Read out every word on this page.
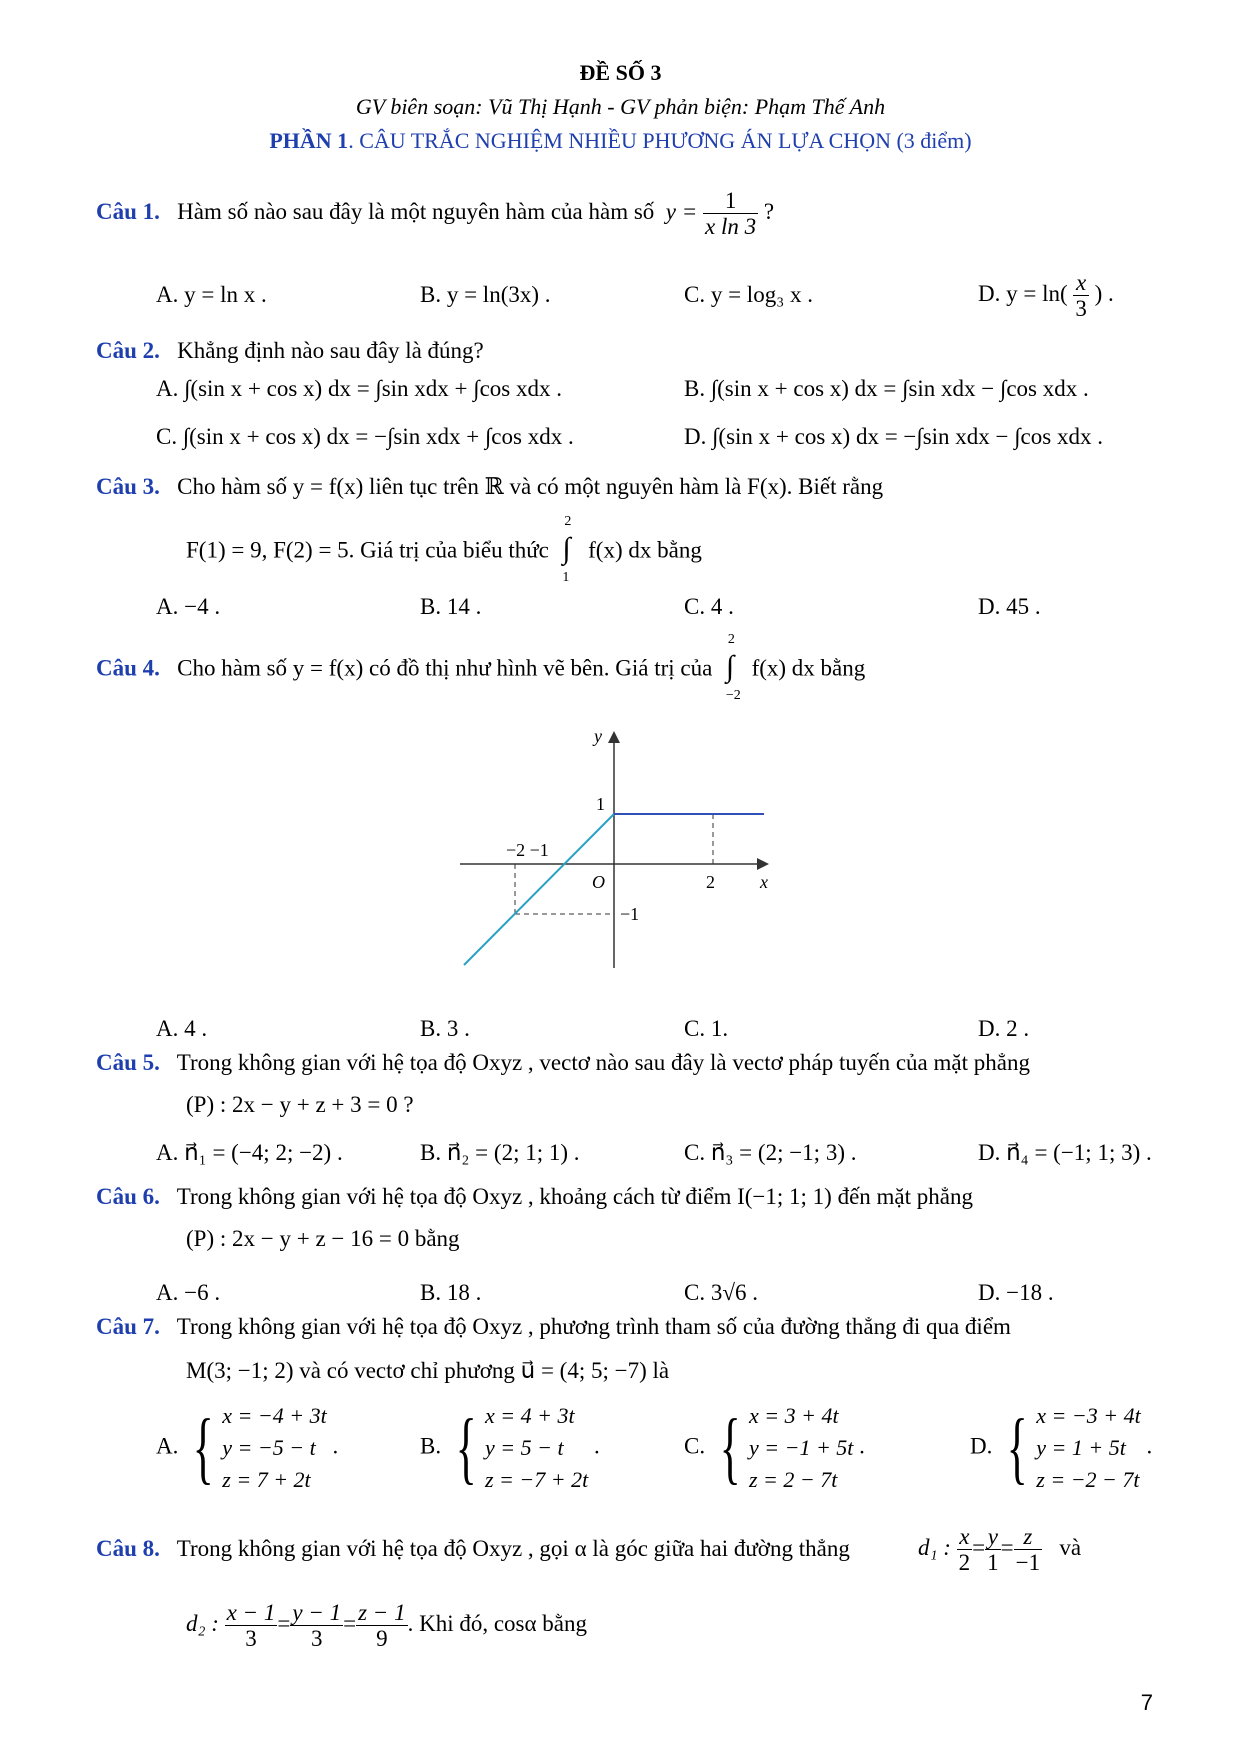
ĐỀ SỐ 3
GV biên soạn: Vũ Thị Hạnh - GV phản biện: Phạm Thế Anh
PHẦN 1. CÂU TRẮC NGHIỆM NHIỀU PHƯƠNG ÁN LỰA CHỌN (3 điểm)
Câu 1. Hàm số nào sau đây là một nguyên hàm của hàm số $y = \frac{1}{\text{x ln 3}}$ ?
A. y = ln x .	B. y = ln(3x) .	C. y = log₃ x .	D. $y = \ln( \frac{x}{3}$ ) .
Câu 2. Khẳng định nào sau đây là đúng?
A. ∫(sin x + cos x) dx = ∫sin xdx + ∫cos xdx .	B. ∫(sin x + cos x) dx = ∫sin xdx − ∫cos xdx .
C. ∫(sin x + cos x) dx = −∫sin xdx + ∫cos xdx .	D. ∫(sin x + cos x) dx = −∫sin xdx − ∫cos xdx .
Câu 3. Cho hàm số y = f(x) liên tục trên ℝ và có một nguyên hàm là F(x). Biết rằng
F(1) = 9, F(2) = 5. Giá trị của biểu thức
2
∫
1
f(x) dx bằng
A. −4 .	B. 14 .	C. 4 .	D. 45 .
Câu 4. Cho hàm số y = f(x) có đồ thị như hình vẽ bên. Giá trị của
2
∫
−2
f(x) dx bằng
y
x
O
1
−1
2
−2 −1
A. 4 .	B. 3 .	C. 1.	D. 2 .
Câu 5. Trong không gian với hệ tọa độ Oxyz , vectơ nào sau đây là vectơ pháp tuyến của mặt phẳng
(P) : 2x − y + z + 3 = 0 ?
A. n⃗₁ = (−4; 2; −2) .	B. n⃗₂ = (2; 1; 1) .	C. n⃗₃ = (2; −1; 3) .	D. n⃗₄ = (−1; 1; 3) .
Câu 6. Trong không gian với hệ tọa độ Oxyz , khoảng cách từ điểm I(−1; 1; 1) đến mặt phẳng
(P) : 2x − y + z − 16 = 0 bằng
A. −6 .	B. 18 .	C. 3√6 .	D. −18 .
Câu 7. Trong không gian với hệ tọa độ Oxyz , phương trình tham số của đường thẳng đi qua điểm
M(3; −1; 2) và có vectơ chỉ phương u⃗ = (4; 5; −7) là
A. { x = −4 + 3t
y = −5 − t
z = 7 + 2t
.	B. { x = 4 + 3t
y = 5 − t
z = −7 + 2t
.	C. { x = 3 + 4t
y = −1 + 5t
z = 2 − 7t
.	D. { x = −3 + 4t
y = 1 + 5t
z = −2 − 7t
.
Câu 8. Trong không gian với hệ tọa độ Oxyz , gọi α là góc giữa hai đường thẳng	d₁ : $\frac{x}{2} = \frac{y}{1} = \frac{z}{-1}$ và
d₂ : $\frac{x - 1}{3} = \frac{y - 1}{3} = \frac{z - 1}{9}$ . Khi đó, cosα bằng
7
